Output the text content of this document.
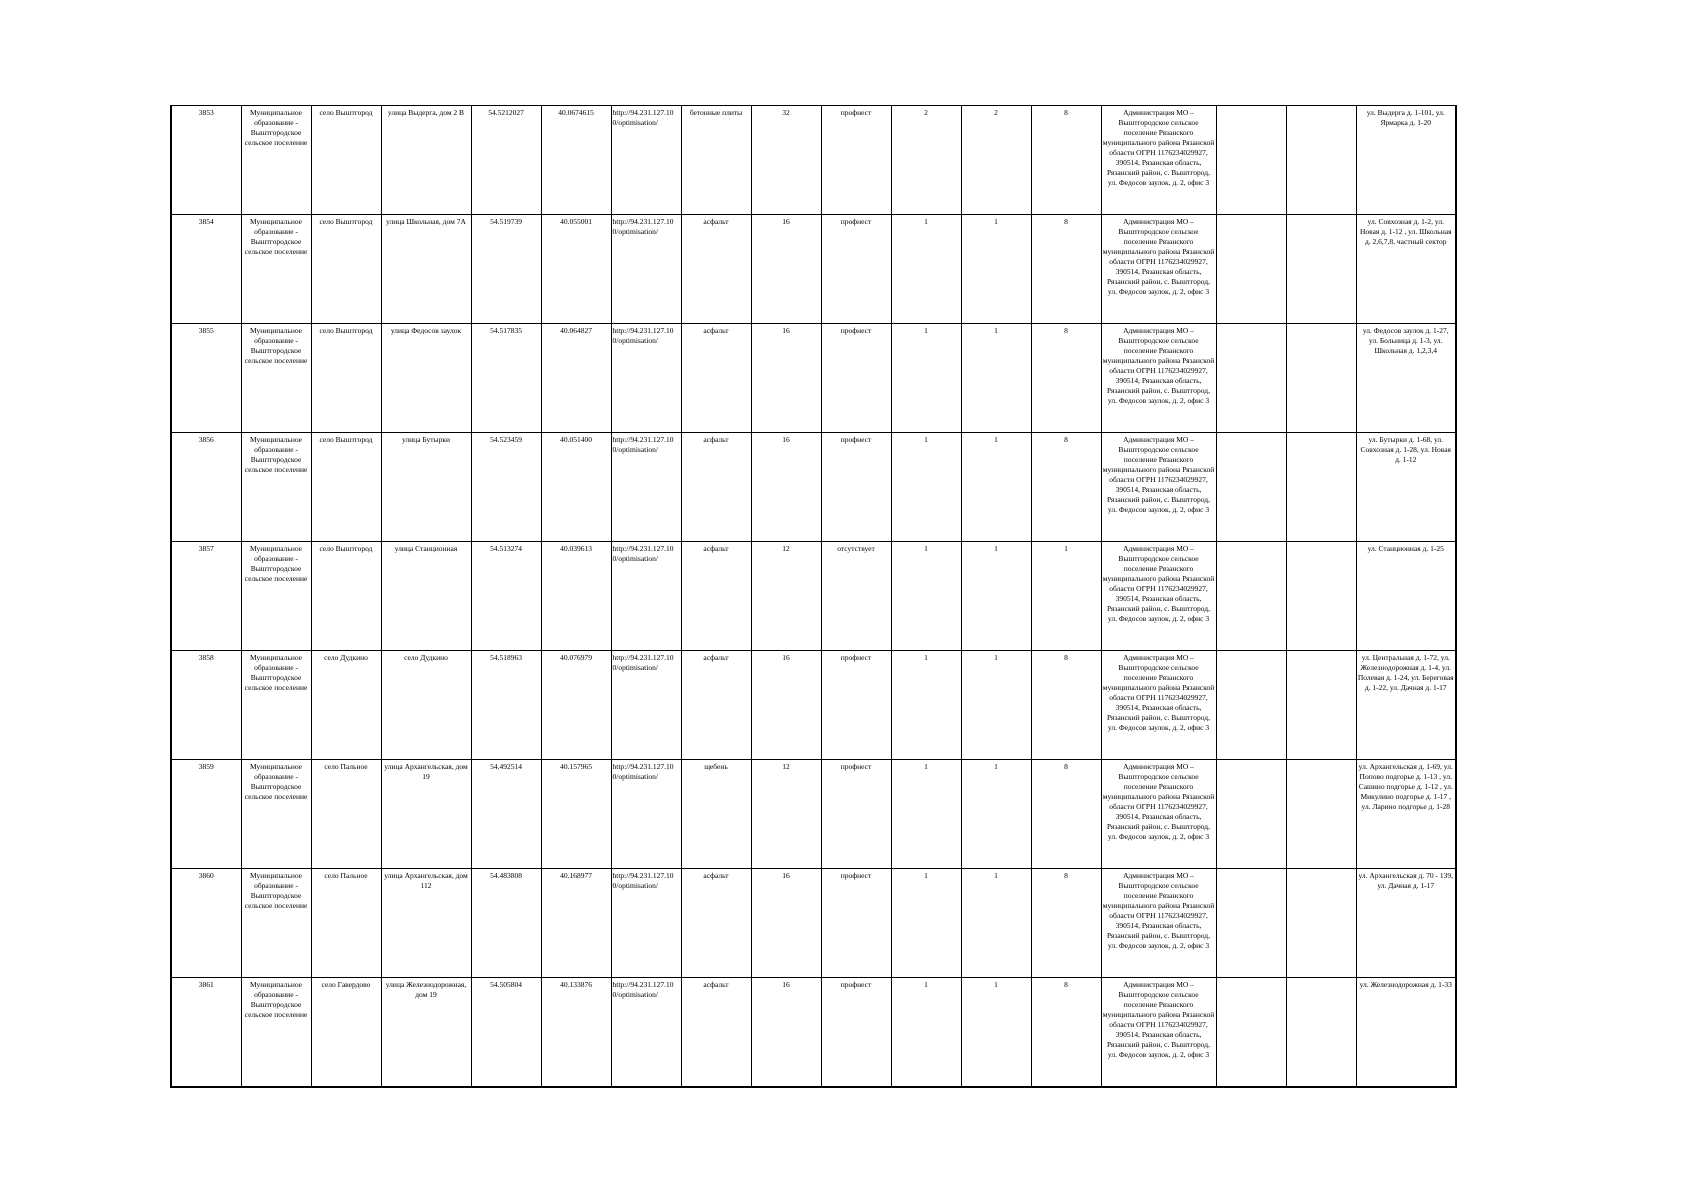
3853	Муниципальное образование - Выштгородское сельское поселение	село Выштгород	улица Выдерга, дом 2 В	54.5212027	40.0674615	http://94.231.127.10 0/optimisation/	бетонные плиты	32	профнест	2	2	8	Администрация МО – Выштгородское сельское поселение Рязанского муниципального района Рязанской области ОГРН 1176234029927, 390514, Рязанская область, Рязанский район, с. Выштгород, ул. Федосов заулок, д. 2, офис 3			ул. Выдерга д. 1-101, ул. Ярмарка д. 1-20
3854	Муниципальное образование - Выштгородское сельское поселение	село Выштгород	улица Школьная, дом 7А	54.519739	40.055001	http://94.231.127.10 0/optimisation/	асфальт	16	профнест	1	1	8	Администрация МО – Выштгородское сельское поселение Рязанского муниципального района Рязанской области ОГРН 1176234029927, 390514, Рязанская область, Рязанский район, с. Выштгород, ул. Федосов заулок, д. 2, офис 3			ул. Совхозная д. 1-2, ул. Новая д. 1-12 , ул. Школьная д. 2,6,7,8, частный сектор
3855	Муниципальное образование - Выштгородское сельское поселение	село Выштгород	улица Федосов заулок	54.517835	40.064827	http://94.231.127.10 0/optimisation/	асфальт	16	профнест	1	1	8	Администрация МО – Выштгородское сельское поселение Рязанского муниципального района Рязанской области ОГРН 1176234029927, 390514, Рязанская область, Рязанский район, с. Выштгород, ул. Федосов заулок, д. 2, офис 3			ул. Федосов заулок д. 1-27, ул. Больница д. 1-3, ул. Школьная д. 1,2,3,4
3856	Муниципальное образование - Выштгородское сельское поселение	село Выштгород	улица Бутырки	54.523459	40.051400	http://94.231.127.10 0/optimisation/	асфальт	16	профнест	1	1	8	Администрация МО – Выштгородское сельское поселение Рязанского муниципального района Рязанской области ОГРН 1176234029927, 390514, Рязанская область, Рязанский район, с. Выштгород, ул. Федосов заулок, д. 2, офис 3			ул. Бутырки д. 1-68, ул. Совхозная д. 1-28, ул. Новая д. 1-12
3857	Муниципальное образование - Выштгородское сельское поселение	село Выштгород	улица Станционная	54.513274	40.039613	http://94.231.127.10 0/optimisation/	асфальт	12	отсутствует	1	1	1	Администрация МО – Выштгородское сельское поселение Рязанского муниципального района Рязанской области ОГРН 1176234029927, 390514, Рязанская область, Рязанский район, с. Выштгород, ул. Федосов заулок, д. 2, офис 3			ул. Станционная д. 1-25
3858	Муниципальное образование - Выштгородское сельское поселение	село Дудкино	село Дудкино	54.518963	40.076979	http://94.231.127.10 0/optimisation/	асфальт	16	профнест	1	1	8	Администрация МО – Выштгородское сельское поселение Рязанского муниципального района Рязанской области ОГРН 1176234029927, 390514, Рязанская область, Рязанский район, с. Выштгород, ул. Федосов заулок, д. 2, офис 3			ул. Центральная д. 1-72, ул. Железнодорожная д. 1-4, ул. Полевая д. 1-24, ул. Береговая д. 1-22, ул. Дачная д. 1-17
3859	Муниципальное образование - Выштгородское сельское поселение	село Пальное	улица Архангельская, дом 19	54.492514	40.157965	http://94.231.127.10 0/optimisation/	щебень	12	профнест	1	1	8	Администрация МО – Выштгородское сельское поселение Рязанского муниципального района Рязанской области ОГРН 1176234029927, 390514, Рязанская область, Рязанский район, с. Выштгород, ул. Федосов заулок, д. 2, офис 3			ул. Архангельская д. 1-69, ул. Попово подгорье д. 1-13 , ул. Сашино подгорье д. 1-12 , ул. Микулино подгорье д. 1-17 , ул. Ларино подгорье д. 1-28
3860	Муниципальное образование - Выштгородское сельское поселение	село Пальное	улица Архангельская, дом 112	54.483808	40.168977	http://94.231.127.10 0/optimisation/	асфальт	16	профнест	1	1	8	Администрация МО – Выштгородское сельское поселение Рязанского муниципального района Рязанской области ОГРН 1176234029927, 390514, Рязанская область, Рязанский район, с. Выштгород, ул. Федосов заулок, д. 2, офис 3			ул. Архангельская д. 70 - 139, ул. Дачная д. 1-17
3861	Муниципальное образование - Выштгородское сельское поселение	село Гавердово	улица Железнодорожная, дом 19	54.505804	40.133876	http://94.231.127.10 0/optimisation/	асфальт	16	профнест	1	1	8	Администрация МО – Выштгородское сельское поселение Рязанского муниципального района Рязанской области ОГРН 1176234029927, 390514, Рязанская область, Рязанский район, с. Выштгород, ул. Федосов заулок, д. 2, офис 3			ул. Железнодорожная д. 1-33
